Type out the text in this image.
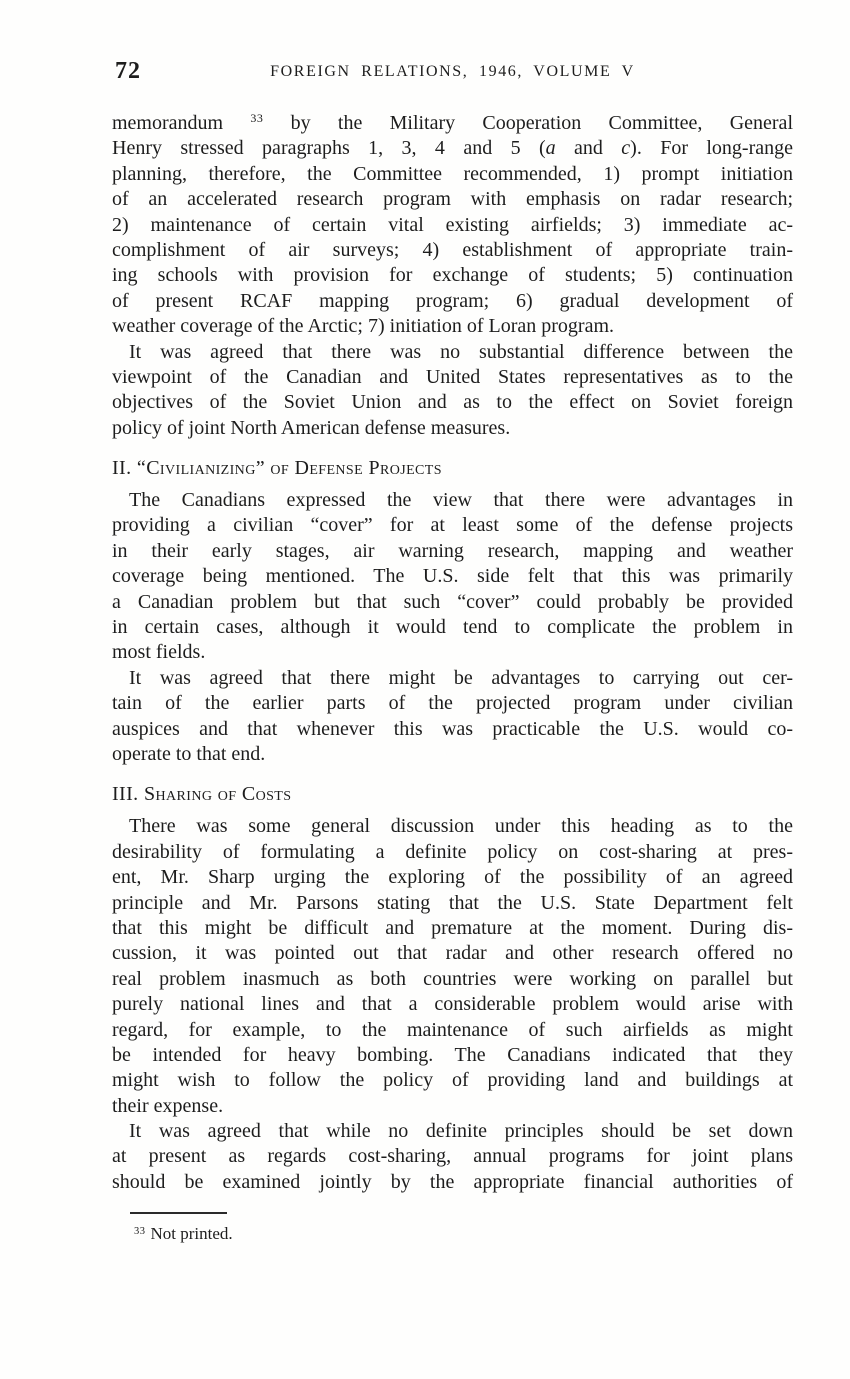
72	FOREIGN RELATIONS, 1946, VOLUME V
memorandum $^{33}$ by the Military Cooperation Committee, General
Henry stressed paragraphs 1, 3, 4 and 5 (a and c). For long-range
planning, therefore, the Committee recommended, 1) prompt initiation
of an accelerated research program with emphasis on radar research;
2) maintenance of certain vital existing airfields; 3) immediate ac-
complishment of air surveys; 4) establishment of appropriate train-
ing schools with provision for exchange of students; 5) continuation
of present RCAF mapping program; 6) gradual development of
weather coverage of the Arctic; 7) initiation of Loran program.
It was agreed that there was no substantial difference between the
viewpoint of the Canadian and United States representatives as to the
objectives of the Soviet Union and as to the effect on Soviet foreign
policy of joint North American defense measures.
II. “Civilianizing” of Defense Projects
The Canadians expressed the view that there were advantages in
providing a civilian “cover” for at least some of the defense projects
in their early stages, air warning research, mapping and weather
coverage being mentioned. The U.S. side felt that this was primarily
a Canadian problem but that such “cover” could probably be provided
in certain cases, although it would tend to complicate the problem in
most fields.
It was agreed that there might be advantages to carrying out cer-
tain of the earlier parts of the projected program under civilian
auspices and that whenever this was practicable the U.S. would co-
operate to that end.
III. Sharing of Costs
There was some general discussion under this heading as to the
desirability of formulating a definite policy on cost-sharing at pres-
ent, Mr. Sharp urging the exploring of the possibility of an agreed
principle and Mr. Parsons stating that the U.S. State Department felt
that this might be difficult and premature at the moment. During dis-
cussion, it was pointed out that radar and other research offered no
real problem inasmuch as both countries were working on parallel but
purely national lines and that a considerable problem would arise with
regard, for example, to the maintenance of such airfields as might
be intended for heavy bombing. The Canadians indicated that they
might wish to follow the policy of providing land and buildings at
their expense.
It was agreed that while no definite principles should be set down
at present as regards cost-sharing, annual programs for joint plans
should be examined jointly by the appropriate financial authorities of
$^{33}$ Not printed.
